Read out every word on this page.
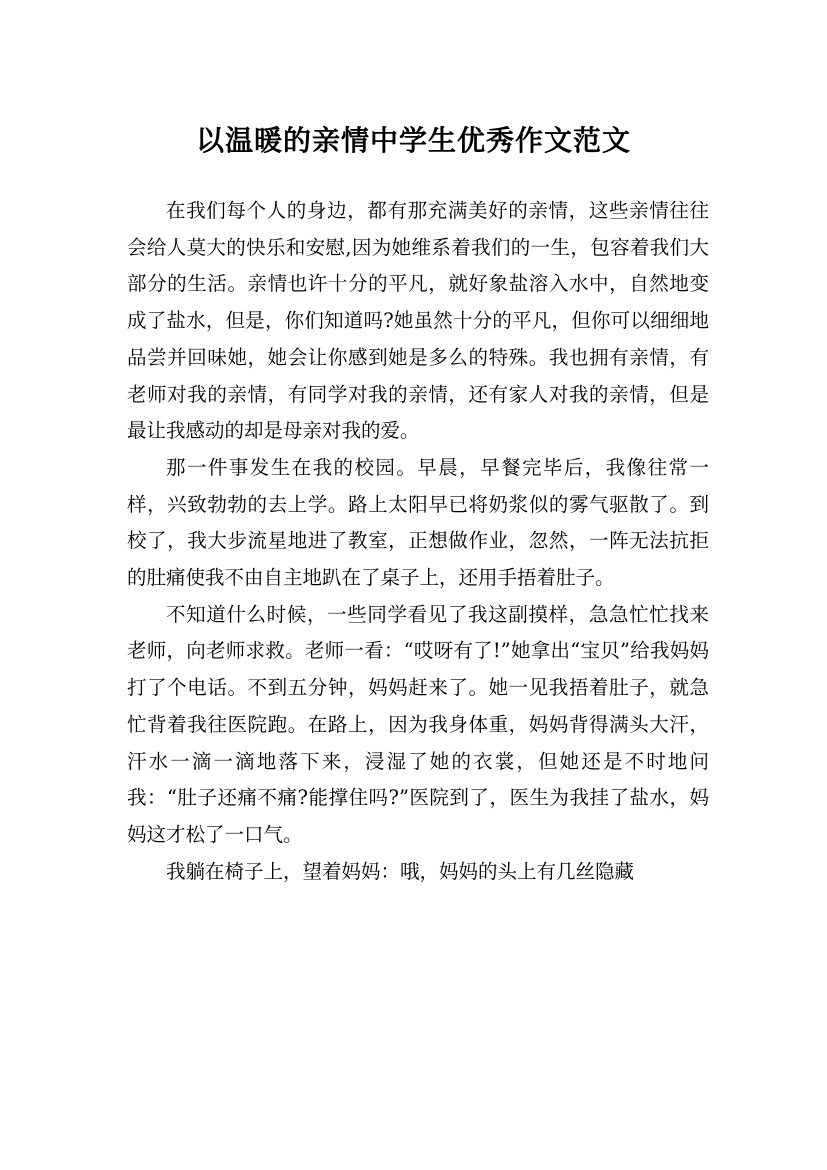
以温暖的亲情中学生优秀作文范文

在我们每个人的身边，都有那充满美好的亲情，这些亲情往往会给人莫大的快乐和安慰,因为她维系着我们的一生，包容着我们大部分的生活。亲情也许十分的平凡，就好象盐溶入水中，自然地变成了盐水，但是，你们知道吗?她虽然十分的平凡，但你可以细细地品尝并回味她，她会让你感到她是多么的特殊。我也拥有亲情，有老师对我的亲情，有同学对我的亲情，还有家人对我的亲情，但是最让我感动的却是母亲对我的爱。

那一件事发生在我的校园。早晨，早餐完毕后，我像往常一样，兴致勃勃的去上学。路上太阳早已将奶浆似的雾气驱散了。到校了，我大步流星地进了教室，正想做作业，忽然，一阵无法抗拒的肚痛使我不由自主地趴在了桌子上，还用手捂着肚子。

不知道什么时候，一些同学看见了我这副摸样，急急忙忙找来老师，向老师求救。老师一看：“哎呀有了!”她拿出“宝贝”给我妈妈打了个电话。不到五分钟，妈妈赶来了。她一见我捂着肚子，就急忙背着我往医院跑。在路上，因为我身体重，妈妈背得满头大汗，汗水一滴一滴地落下来，浸湿了她的衣裳，但她还是不时地问我：“肚子还痛不痛?能撑住吗?”医院到了，医生为我挂了盐水，妈妈这才松了一口气。

我躺在椅子上，望着妈妈：哦，妈妈的头上有几丝隐藏
